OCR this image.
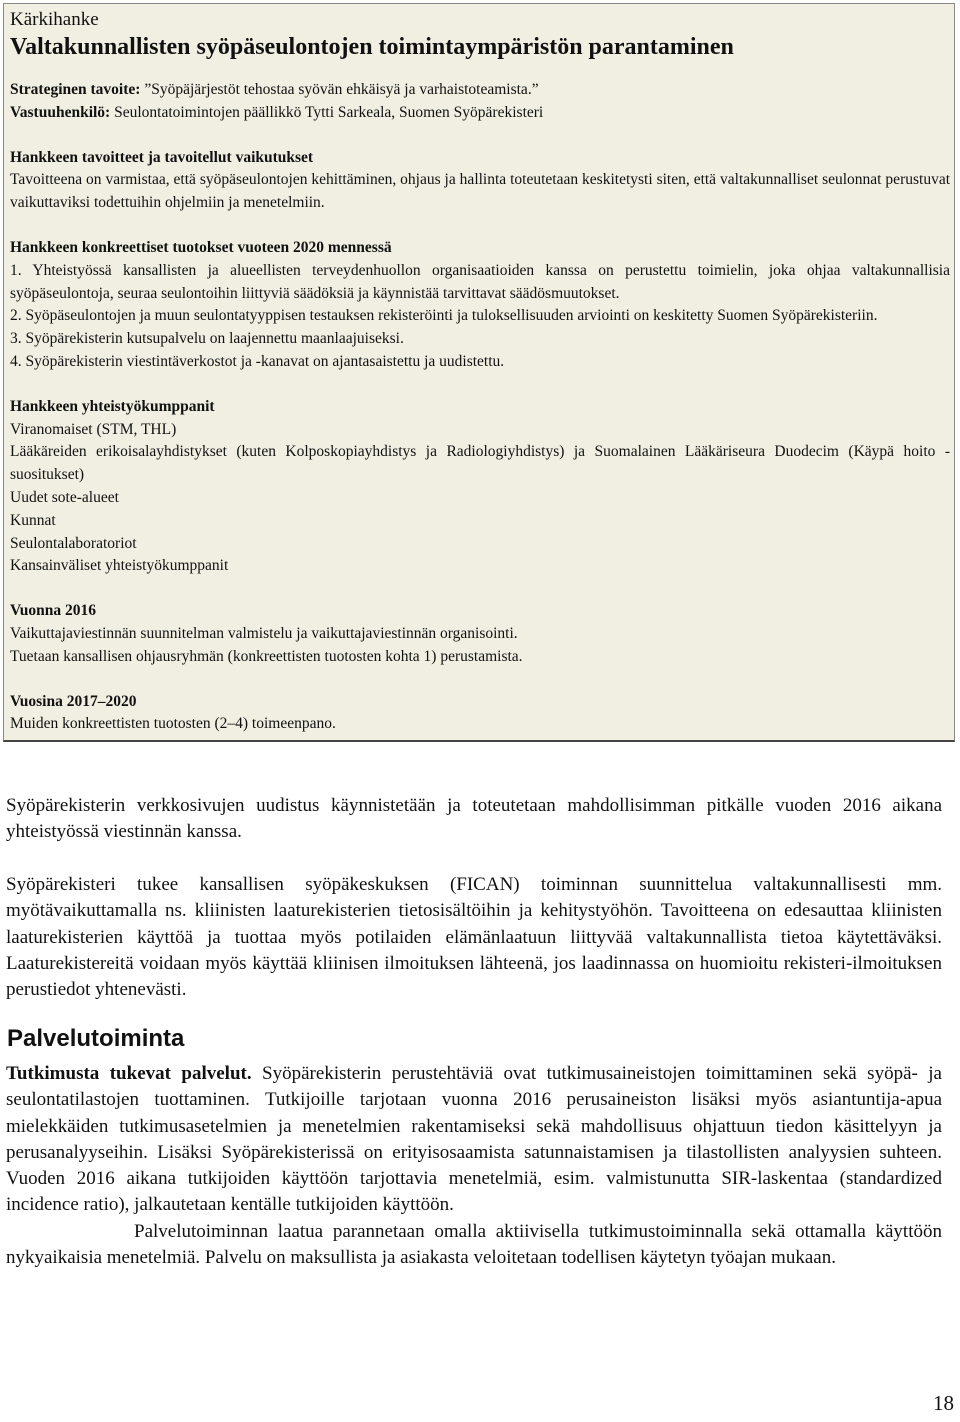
Kärkihanke

Valtakunnallisten syöpäseulontojen toimintaympäristön parantaminen

Strateginen tavoite: ”Syöpäjärjestöt tehostaa syövän ehkäisyä ja varhaistoteamista.”

Vastuuhenkilö: Seulontatoimintojen päällikkö Tytti Sarkeala, Suomen Syöpärekisteri

Hankkeen tavoitteet ja tavoitellut vaikutukset

Tavoitteena on varmistaa, että syöpäseulontojen kehittäminen, ohjaus ja hallinta toteutetaan keskitetysti siten, että valtakunnalliset seulonnat perustuvat vaikuttaviksi todettuihin ohjelmiin ja menetelmiin.

Hankkeen konkreettiset tuotokset vuoteen 2020 mennessä

1. Yhteistyössä kansallisten ja alueellisten terveydenhuollon organisaatioiden kanssa on perustettu toimielin, joka ohjaa valtakunnallisia syöpäseulontoja, seuraa seulontoihin liittyviä säädöksiä ja käynnistää tarvittavat säädösmuutokset.

2. Syöpäseulontojen ja muun seulontatyyppisen testauksen rekisteröinti ja tuloksellisuuden arviointi on keskitetty Suomen Syöpärekisteriin.

3. Syöpärekisterin kutsupalvelu on laajennettu maanlaajuiseksi.

4. Syöpärekisterin viestintäverkostot ja -kanavat on ajantasaistettu ja uudistettu.

Hankkeen yhteistyökumppanit

Viranomaiset (STM, THL)

Lääkäreiden erikoisalayhdistykset (kuten Kolposkopiayhdistys ja Radiologiyhdistys) ja Suomalainen Lääkäriseura Duodecim (Käypä hoito -suositukset)

Uudet sote-alueet

Kunnat

Seulontalaboratoriot

Kansainväliset yhteistyökumppanit

Vuonna 2016

Vaikuttajaviestinnän suunnitelman valmistelu ja vaikuttajaviestinnän organisointi.

Tuetaan kansallisen ohjausryhmän (konkreettisten tuotosten kohta 1) perustamista.

Vuosina 2017–2020

Muiden konkreettisten tuotosten (2–4) toimeenpano.

Syöpärekisterin verkkosivujen uudistus käynnistetään ja toteutetaan mahdollisimman pitkälle vuoden 2016 aikana yhteistyössä viestinnän kanssa.

Syöpärekisteri tukee kansallisen syöpäkeskuksen (FICAN) toiminnan suunnittelua valtakunnallisesti mm. myötävaikuttamalla ns. kliinisten laaturekisterien tietosisältöihin ja kehitystyöhön. Tavoitteena on edesauttaa kliinisten laaturekisterien käyttöä ja tuottaa myös potilaiden elämänlaatuun liittyvää valtakunnallista tietoa käytettäväksi. Laaturekistereitä voidaan myös käyttää kliinisen ilmoituksen lähteenä, jos laadinnassa on huomioitu rekisteri-ilmoituksen perustiedot yhtenevästi.

Palvelutoiminta

Tutkimusta tukevat palvelut. Syöpärekisterin perustehtäviä ovat tutkimusaineistojen toimittaminen sekä syöpä- ja seulontatilastojen tuottaminen. Tutkijoille tarjotaan vuonna 2016 perusaineiston lisäksi myös asiantuntija-apua mielekkäiden tutkimusasetelmien ja menetelmien rakentamiseksi sekä mahdollisuus ohjattuun tiedon käsittelyyn ja perusanalyyseihin. Lisäksi Syöpärekisterissä on erityisosaamista satunnaistamisen ja tilastollisten analyysien suhteen. Vuoden 2016 aikana tutkijoiden käyttöön tarjottavia menetelmiä, esim. valmistunutta SIR-laskentaa (standardized incidence ratio), jalkautetaan kentälle tutkijoiden käyttöön.

Palvelutoiminnan laatua parannetaan omalla aktiivisella tutkimustoiminnalla sekä ottamalla käyttöön nykyaikaisia menetelmiä. Palvelu on maksullista ja asiakasta veloitetaan todellisen käytetyn työajan mukaan.

18
